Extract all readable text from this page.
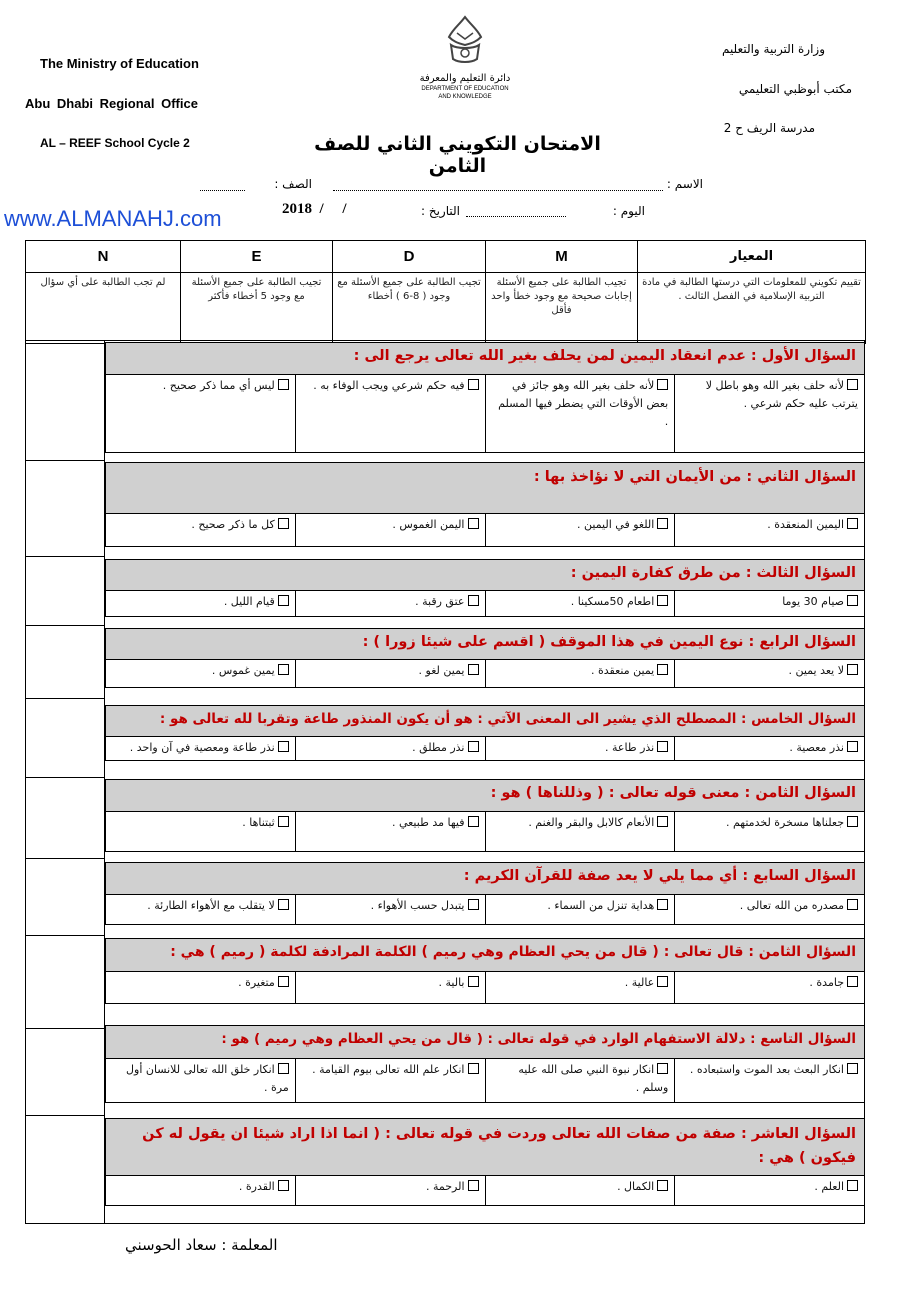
The Ministry of Education
Abu Dhabi Regional Office
AL – REEF School Cycle 2
دائرة التعليم والمعرفة
DEPARTMENT OF EDUCATION
AND KNOWLEDGE
وزارة التربية والتعليم
مكتب أبوظبي التعليمي
مدرسة الريف ح 2
الامتحان التكويني الثاني للصف الثامن
www.ALMANAHJ.com
الاسم :
الصف :
اليوم :
التاريخ :
2018  /     /
N	E	D	M	المعيار
لم تجب الطالبة على أي سؤال	تجيب الطالبة على جميع الأسئلة مع وجود 5 أخطاء فأكثر	تجيب الطالبة على جميع الأسئلة مع وجود ( 8-6 ) أخطاء	تجيب الطالبة على جميع الأسئلة إجابات صحيحة مع وجود خطأ واحد فأقل	تقييم تكويني للمعلومات التي درستها الطالبة في مادة التربية الإسلامية في الفصل الثالث .
السؤال الأول : عدم انعقاد اليمين لمن يحلف بغير الله تعالى يرجع الى :
لأنه حلف بغير الله وهو باطل لا يترتب عليه حكم شرعي .
لأنه حلف بغير الله وهو جائز في بعض الأوقات التي يضطر فيها المسلم .
فيه حكم شرعي ويجب الوفاء به .
ليس أي مما ذكر صحيح .
السؤال الثاني : من الأيمان التي لا نؤاخذ بها :
اليمين المنعقدة .
اللغو في اليمين .
اليمن الغموس .
كل ما ذكر صحيح .
السؤال الثالث : من طرق كفارة اليمين :
صيام 30 يوما
اطعام 50مسكينا .
عتق رقبة .
قيام الليل .
السؤال الرابع : نوع اليمين في هذا الموقف ( اقسم على شيئا زورا ) :
لا يعد يمين .
يمين منعقدة .
يمين لغو .
يمين غموس .
السؤال الخامس : المصطلح الذي يشير الى المعنى الآتي : هو أن يكون المنذور طاعة وتقربا لله تعالى هو :
نذر معصية .
نذر طاعة .
نذر مطلق .
نذر طاعة ومعصية في آن واحد .
السؤال الثامن : معنى قوله تعالى : ( وذللناها ) هو :
جعلناها مسخرة لخدمتهم .
الأنعام كالابل والبقر والغنم .
فيها مد طبيعي .
ثبتناها .
السؤال السابع : أي مما يلي لا يعد صفة للقرآن الكريم :
مصدره من الله تعالى .
هداية تنزل من السماء .
يتبدل حسب الأهواء .
لا يتقلب مع الأهواء الطارئة .
السؤال الثامن : قال تعالى : ( قال من يحي العظام وهي رميم ) الكلمة المرادفة لكلمة ( رميم ) هي :
جامدة .
عالية .
بالية .
متغيرة .
السؤال التاسع : دلالة الاستفهام الوارد في قوله تعالى : ( قال من يحي العظام وهي رميم ) هو :
انكار البعث بعد الموت واستبعاده .
انكار نبوة النبي صلى الله عليه وسلم .
انكار علم الله تعالى بيوم القيامة .
انكار خلق الله تعالى للانسان أول مرة .
السؤال العاشر : صفة من صفات الله تعالى وردت في قوله تعالى : ( انما اذا اراد شيئا ان يقول له كن فيكون ) هي :
العلم .
الكمال .
الرحمة .
القدرة .
المعلمة : سعاد الحوسني
